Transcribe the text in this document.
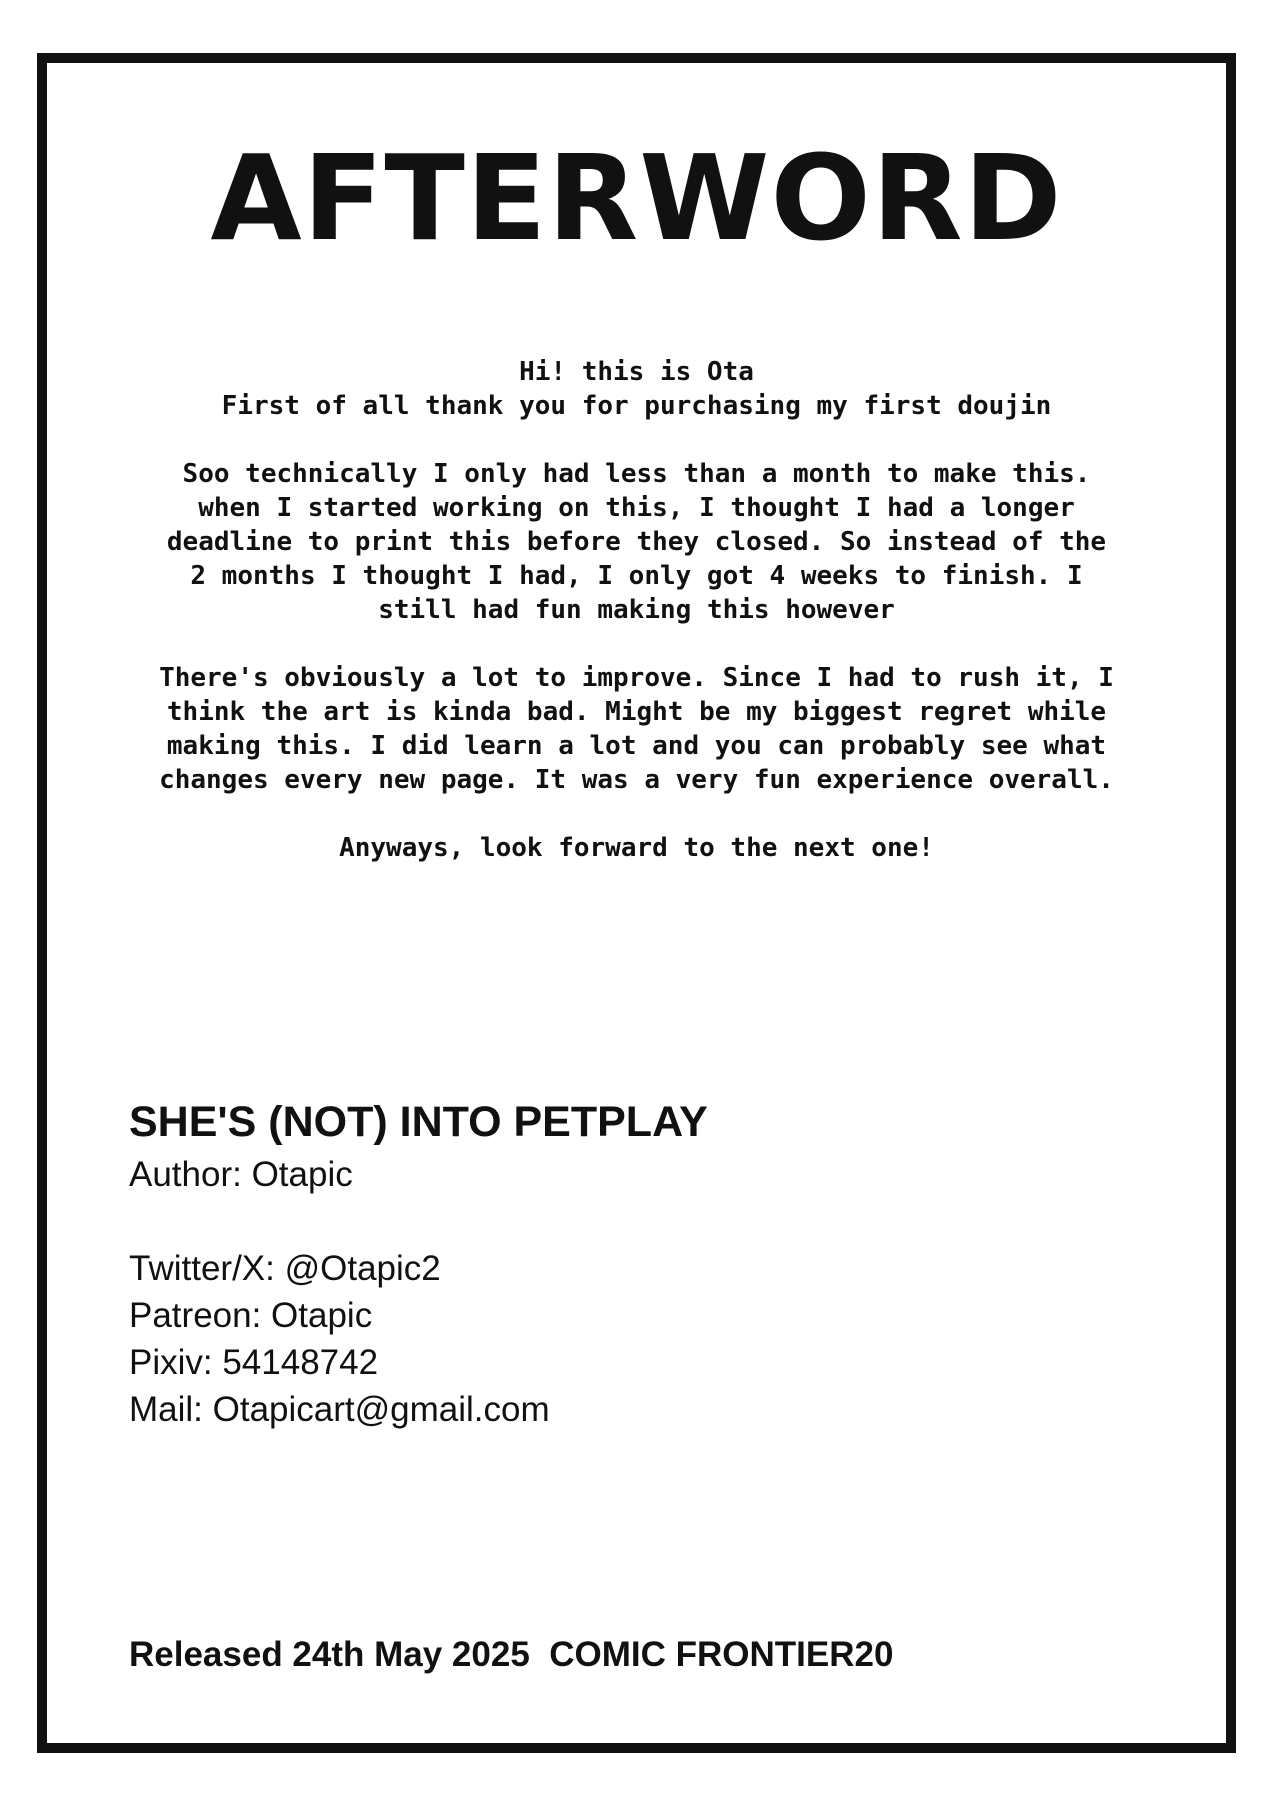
AFTERWORD

Hi! this is Ota
First of all thank you for purchasing my first doujin

Soo technically I only had less than a month to make this.
when I started working on this, I thought I had a longer
deadline to print this before they closed. So instead of the
2 months I thought I had, I only got 4 weeks to finish. I
still had fun making this however

There's obviously a lot to improve. Since I had to rush it, I
think the art is kinda bad. Might be my biggest regret while
making this. I did learn a lot and you can probably see what
changes every new page. It was a very fun experience overall.

Anyways, look forward to the next one!

SHE'S (NOT) INTO PETPLAY
Author: Otapic
Twitter/X: @Otapic2
Patreon: Otapic
Pixiv: 54148742
Mail: Otapicart@gmail.com
Released 24th May 2025  COMIC FRONTIER20
